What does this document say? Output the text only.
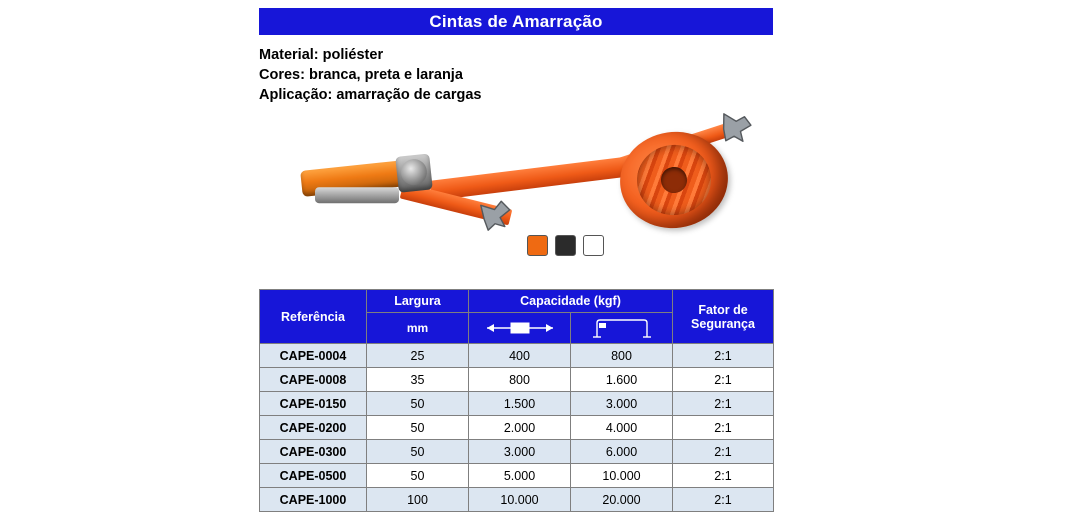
Cintas de Amarração
Material: poliéster
Cores: branca, preta e laranja
Aplicação: amarração de cargas
Referência	Largura	Capacidade (kgf)		Fator de Segurança
	mm	

CAPE-0004	25	400	800	2:1
CAPE-0008	35	800	1.600	2:1
CAPE-0150	50	1.500	3.000	2:1
CAPE-0200	50	2.000	4.000	2:1
CAPE-0300	50	3.000	6.000	2:1
CAPE-0500	50	5.000	10.000	2:1
CAPE-1000	100	10.000	20.000	2:1
